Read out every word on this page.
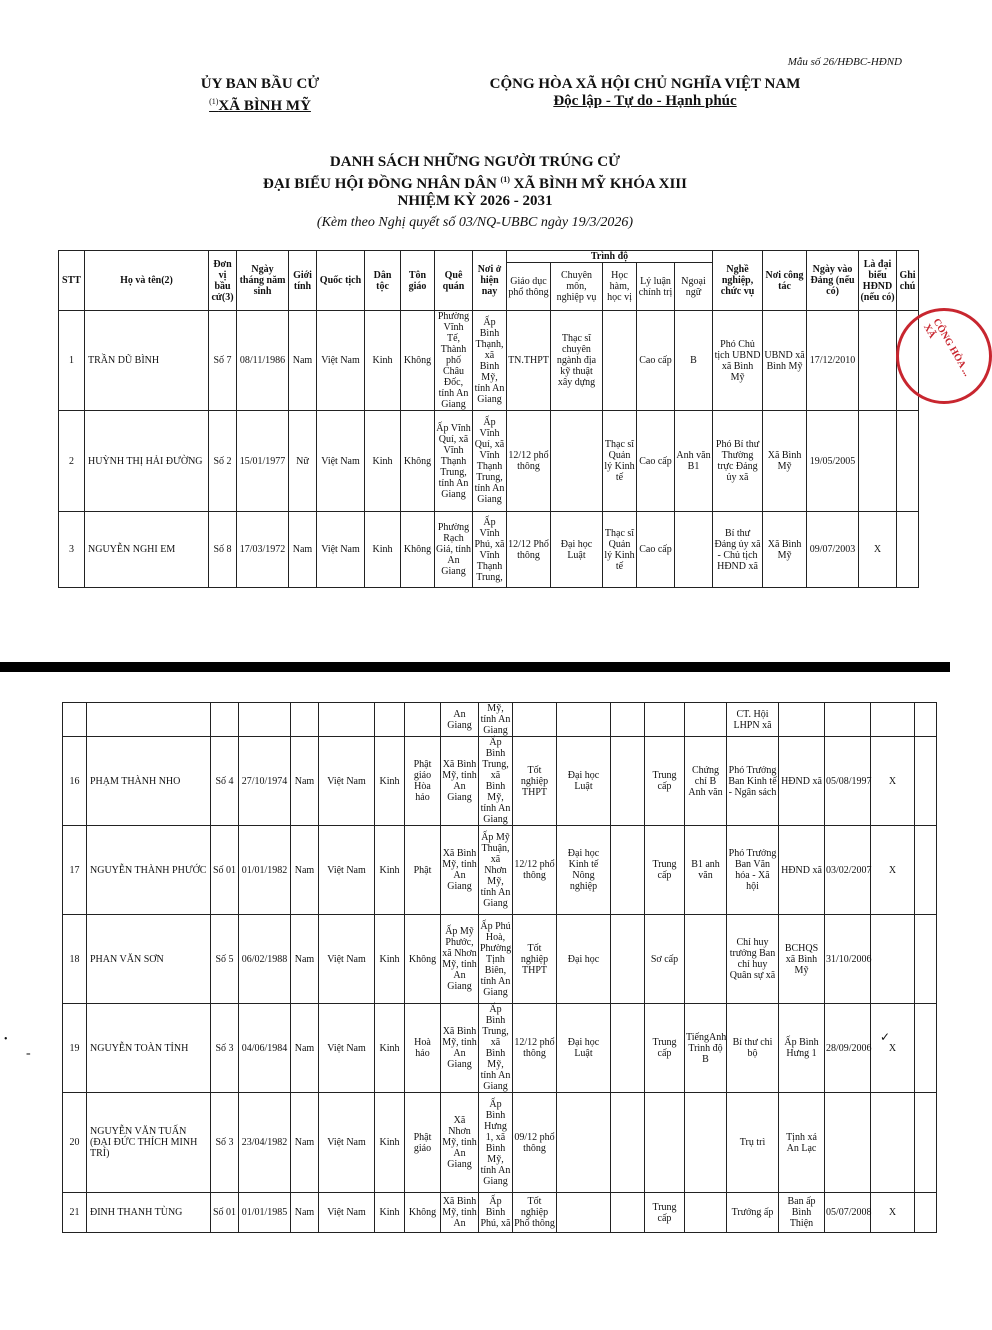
Mẫu số 26/HĐBC-HĐND
ỦY BAN BẦU CỬ
$^{(1)}$XÃ BÌNH MỸ
CỘNG HÒA XÃ HỘI CHỦ NGHĨA VIỆT NAM
Độc lập - Tự do - Hạnh phúc
DANH SÁCH NHỮNG NGƯỜI TRÚNG CỬ
ĐẠI BIỂU HỘI ĐỒNG NHÂN DÂN $^{(1)}$ XÃ BÌNH MỸ KHÓA XIII
NHIỆM KỲ 2026 - 2031
(Kèm theo Nghị quyết số 03/NQ-UBBC ngày 19/3/2026)
STT	Họ và tên(2)	Đơn vị bầu cử(3)	Ngày tháng năm sinh	Giới tính	Quốc tịch	Dân tộc	Tôn giáo	Quê quán	Nơi ở hiện nay	Trình độ					Nghề nghiệp, chức vụ	Nơi công tác	Ngày vào Đảng (nếu có)	Là đại biểu HĐND (nếu có)	Ghi chú
										Giáo dục phổ thông	Chuyên môn, nghiệp vụ	Học hàm, học vị	Lý luận chính trị	Ngoại ngữ					
1	TRẦN DŨ BÌNH	Số 7	08/11/1986	Nam	Việt Nam	Kinh	Không	Phường Vĩnh Tế, Thành phố Châu Đốc, tỉnh An Giang	Ấp Bình Thạnh, xã Bình Mỹ, tỉnh An Giang	TN.THPT	Thạc sĩ chuyên ngành địa kỹ thuật xây dựng		Cao cấp	B	Phó Chủ tịch UBND xã Bình Mỹ	UBND xã Bình Mỹ	17/12/2010		
2	HUỲNH THỊ HẢI ĐƯỜNG	Số 2	15/01/1977	Nữ	Việt Nam	Kinh	Không	Ấp Vĩnh Quí, xã Vĩnh Thạnh Trung, tỉnh An Giang	Ấp Vĩnh Quí, xã Vĩnh Thạnh Trung, tỉnh An Giang	12/12 phổ thông		Thạc sĩ Quản lý Kinh tế	Cao cấp	Anh văn B1	Phó Bí thư Thường trực Đảng ủy xã	Xã Bình Mỹ	19/05/2005		
3	NGUYỄN NGHI EM	Số 8	17/03/1972	Nam	Việt Nam	Kinh	Không	Phường Rạch Giá, tỉnh An Giang	Ấp Vĩnh Phú, xã Vĩnh Thạnh Trung,	12/12 Phổ thông	Đại học Luật	Thạc sĩ Quản lý Kinh tế	Cao cấp		Bí thư Đảng ủy xã - Chủ tịch HĐND xã	Xã Bình Mỹ	09/07/2003	X	
CÔNG HÒA ... XÃ
								An Giang	Mỹ, tỉnh An Giang						CT. Hội LHPN xã				
16	PHẠM THÀNH NHO	Số 4	27/10/1974	Nam	Việt Nam	Kinh	Phật giáo Hòa hảo	Xã Bình Mỹ, tỉnh An Giang	Ấp Bình Trung, xã Bình Mỹ, tỉnh An Giang	Tốt nghiệp THPT	Đại học Luật		Trung cấp	Chứng chỉ B Anh văn	Phó Trưởng Ban Kinh tế - Ngân sách	HĐND xã	05/08/1997	X	
17	NGUYỄN THÀNH PHƯỚC	Số 01	01/01/1982	Nam	Việt Nam	Kinh	Phật	Xã Bình Mỹ, tỉnh An Giang	Ấp Mỹ Thuận, xã Nhơn Mỹ, tỉnh An Giang	12/12 phổ thông	Đại học Kinh tế Nông nghiệp		Trung cấp	B1 anh văn	Phó Trưởng Ban Văn hóa - Xã hội	HĐND xã	03/02/2007	X	
18	PHAN VĂN SƠN	Số 5	06/02/1988	Nam	Việt Nam	Kinh	Không	Ấp Mỹ Phước, xã Nhơn Mỹ, tỉnh An Giang	Ấp Phú Hoà, Phường Tịnh Biên, tỉnh An Giang	Tốt nghiệp THPT	Đại học		Sơ cấp		Chỉ huy trưởng Ban chỉ huy Quân sự xã	BCHQS xã Bình Mỹ	31/10/2006		
19	NGUYỄN TOÀN TỈNH	Số 3	04/06/1984	Nam	Việt Nam	Kinh	Hoà hảo	Xã Bình Mỹ, tỉnh An Giang	Ấp Bình Trung, xã Bình Mỹ, tỉnh An Giang	12/12 phổ thông	Đại học Luật		Trung cấp	TiếngAnh Trình độ B	Bí thư chi bộ	Ấp Bình Hưng 1	28/09/2006	X	
20	NGUYỄN VĂN TUẤN (ĐẠI ĐỨC THÍCH MINH TRÍ)	Số 3	23/04/1982	Nam	Việt Nam	Kinh	Phật giáo	Xã Nhơn Mỹ, tỉnh An Giang	Ấp Bình Hưng 1, xã Bình Mỹ, tỉnh An Giang	09/12 phổ thông					Trụ trì	Tịnh xá An Lạc			
21	ĐINH THANH TÙNG	Số 01	01/01/1985	Nam	Việt Nam	Kinh	Không	Xã Bình Mỹ, tỉnh An	Ấp Bình Phú, xã	Tốt nghiệp Phổ thông			Trung cấp		Trưởng ấp	Ban ấp Bình Thiện	05/07/2008	X	
✓
-
•
